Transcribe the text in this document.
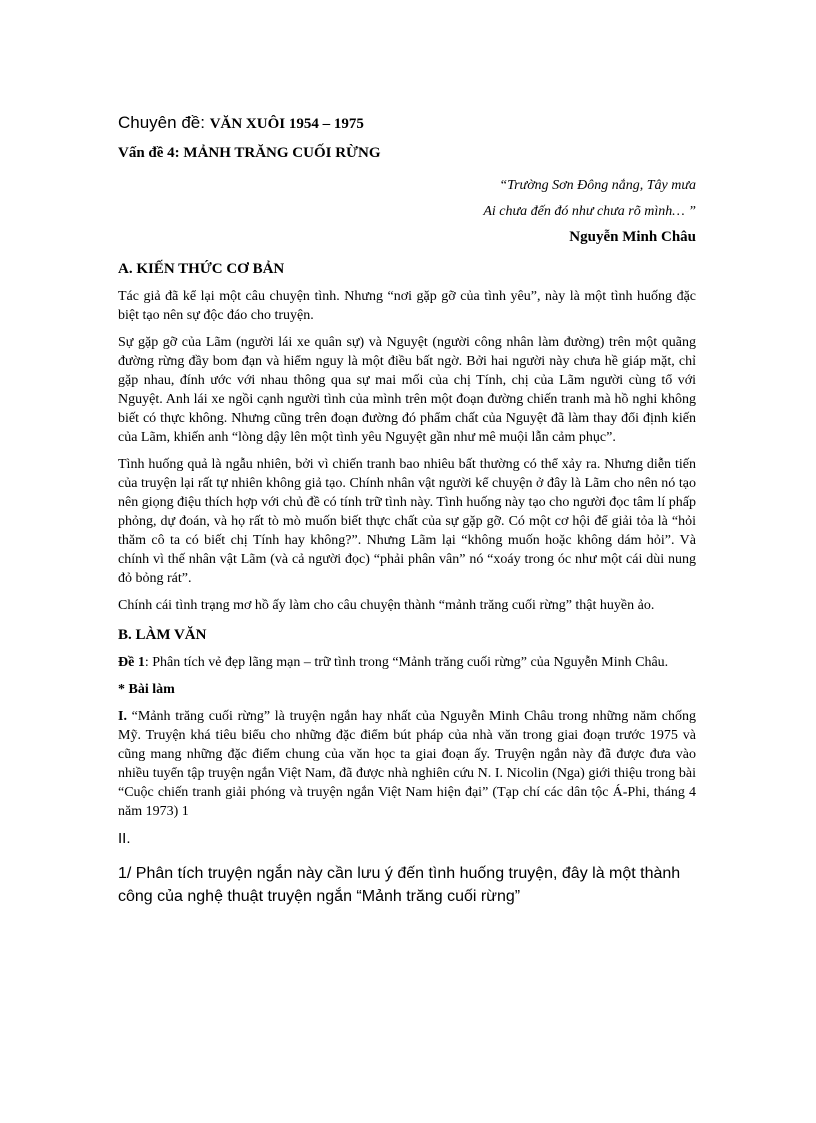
Chuyên đề: VĂN XUÔI 1954 – 1975

Vấn đề 4: MẢNH TRĂNG CUỐI RỪNG

“Trường Sơn Đông nắng, Tây mưa

Ai chưa đến đó như chưa rõ mình… ”

Nguyễn Minh Châu

A. KIẾN THỨC CƠ BẢN

Tác giả đã kể lại một câu chuyện tình. Nhưng “nơi gặp gỡ của tình yêu”, này là một tình huống đặc biệt tạo nên sự độc đáo cho truyện.

Sự gặp gỡ của Lãm (người lái xe quân sự) và Nguyệt (người công nhân làm đường) trên một quãng đường rừng đầy bom đạn và hiểm nguy là một điều bất ngờ. Bởi hai người này chưa hề giáp mặt, chỉ gặp nhau, đính ước với nhau thông qua sự mai mối của chị Tính, chị của Lãm người cùng tổ với Nguyệt. Anh lái xe ngồi cạnh người tình của mình trên một đoạn đường chiến tranh mà hồ nghi không biết có thực không. Nhưng cũng trên đoạn đường đó phẩm chất của Nguyệt đã làm thay đổi định kiến của Lãm, khiến anh “lòng dậy lên một tình yêu Nguyệt gần như mê muội lẫn cảm phục”.

Tình huống quả là ngẫu nhiên, bởi vì chiến tranh bao nhiêu bất thường có thể xảy ra. Nhưng diễn tiến của truyện lại rất tự nhiên không giả tạo. Chính nhân vật người kể chuyện ở đây là Lãm cho nên nó tạo nên giọng điệu thích hợp với chủ đề có tính trữ tình này. Tình huống này tạo cho người đọc tâm lí phấp phỏng, dự đoán, và họ rất tò mò muốn biết thực chất của sự gặp gỡ. Có một cơ hội để giải tỏa là “hỏi thăm cô ta có biết chị Tính hay không?”. Nhưng Lãm lại “không muốn hoặc không dám hỏi”. Và chính vì thế nhân vật Lãm (và cả người đọc) “phải phân vân” nó “xoáy trong óc như một cái dùi nung đỏ bỏng rát”.

Chính cái tình trạng mơ hồ ấy làm cho câu chuyện thành “mảnh trăng cuối rừng” thật huyền ảo.

B. LÀM VĂN

Đề 1: Phân tích vẻ đẹp lãng mạn – trữ tình trong “Mảnh trăng cuối rừng” của Nguyễn Minh Châu.

* Bài làm

I. “Mảnh trăng cuối rừng” là truyện ngắn hay nhất của Nguyễn Minh Châu trong những năm chống Mỹ. Truyện khá tiêu biểu cho những đặc điểm bút pháp của nhà văn trong giai đoạn trước 1975 và cũng mang những đặc điểm chung của văn học ta giai đoạn ấy. Truyện ngắn này đã được đưa vào nhiều tuyển tập truyện ngắn Việt Nam, đã được nhà nghiên cứu N. I. Nicolin (Nga) giới thiệu trong bài “Cuộc chiến tranh giải phóng và truyện ngắn Việt Nam hiện đại” (Tạp chí các dân tộc Á-Phi, tháng 4 năm 1973) 1

II.

1/ Phân tích truyện ngắn này cần lưu ý đến tình huống truyện, đây là một thành công của nghệ thuật truyện ngắn “Mảnh trăng cuối rừng”
